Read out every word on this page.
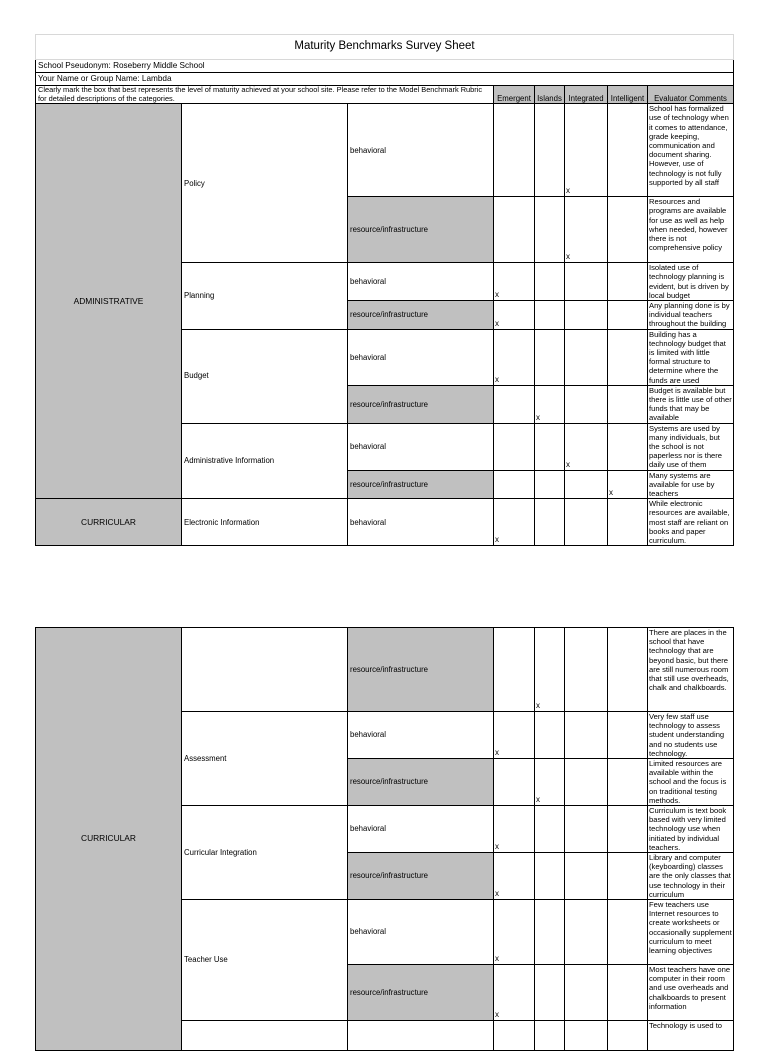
Maturity Benchmarks Survey Sheet							
School Pseudonym: Roseberry Middle School							
Your Name or Group Name: Lambda							
Clearly mark the box that best represents the level of maturity achieved at your school site. Please refer to the Model Benchmark Rubric for detailed descriptions of the categories.			Emergent	Islands	Integrated	Intelligent	Evaluator Comments
ADMINISTRATIVE	Policy	behavioral			x		School has formalized use of technology when it comes to attendance, grade keeping, communication and document sharing. However, use of technology is not fully supported by all staff
		resource/infrastructure			x		Resources and programs are available for use as well as help when needed, however there is not comprehensive policy
	Planning	behavioral	x				Isolated use of technology planning is evident, but is driven by local budget
		resource/infrastructure	x				Any planning done is by individual teachers throughout the building
	Budget	behavioral	x				Building has a technology budget that is limited with little formal structure to determine where the funds are used
		resource/infrastructure		x			Budget is available but there is little use of other funds that may be available
	Administrative Information	behavioral			x		Systems are used by many individuals, but the school is not paperless nor is there daily use of them
		resource/infrastructure				x	Many systems are available for use by teachers
CURRICULAR	Electronic Information	behavioral	x				While electronic resources are available, most staff are reliant on books and paper curriculum.
CURRICULAR		resource/infrastructure		x			There are places in the school that have technology that are beyond basic, but there are still numerous room that still use overheads, chalk and chalkboards.
	Assessment	behavioral	x				Very few staff use technology to assess student understanding and no students use technology.
		resource/infrastructure		x			Limited resources are available within the school and the focus is on traditional testing methods.
	Curricular Integration	behavioral	x				Curriculum is text book based with very limited technology use when initiated by individual teachers.
		resource/infrastructure	x				Library and computer (keyboarding) classes are the only classes that use technology in their curriculum
	Teacher Use	behavioral	x				Few teachers use Internet resources to create worksheets or occasionally supplement curriculum to meet learning objectives
		resource/infrastructure	x				Most teachers have one computer in their room and use overheads and chalkboards to present information
							Technology is used to
